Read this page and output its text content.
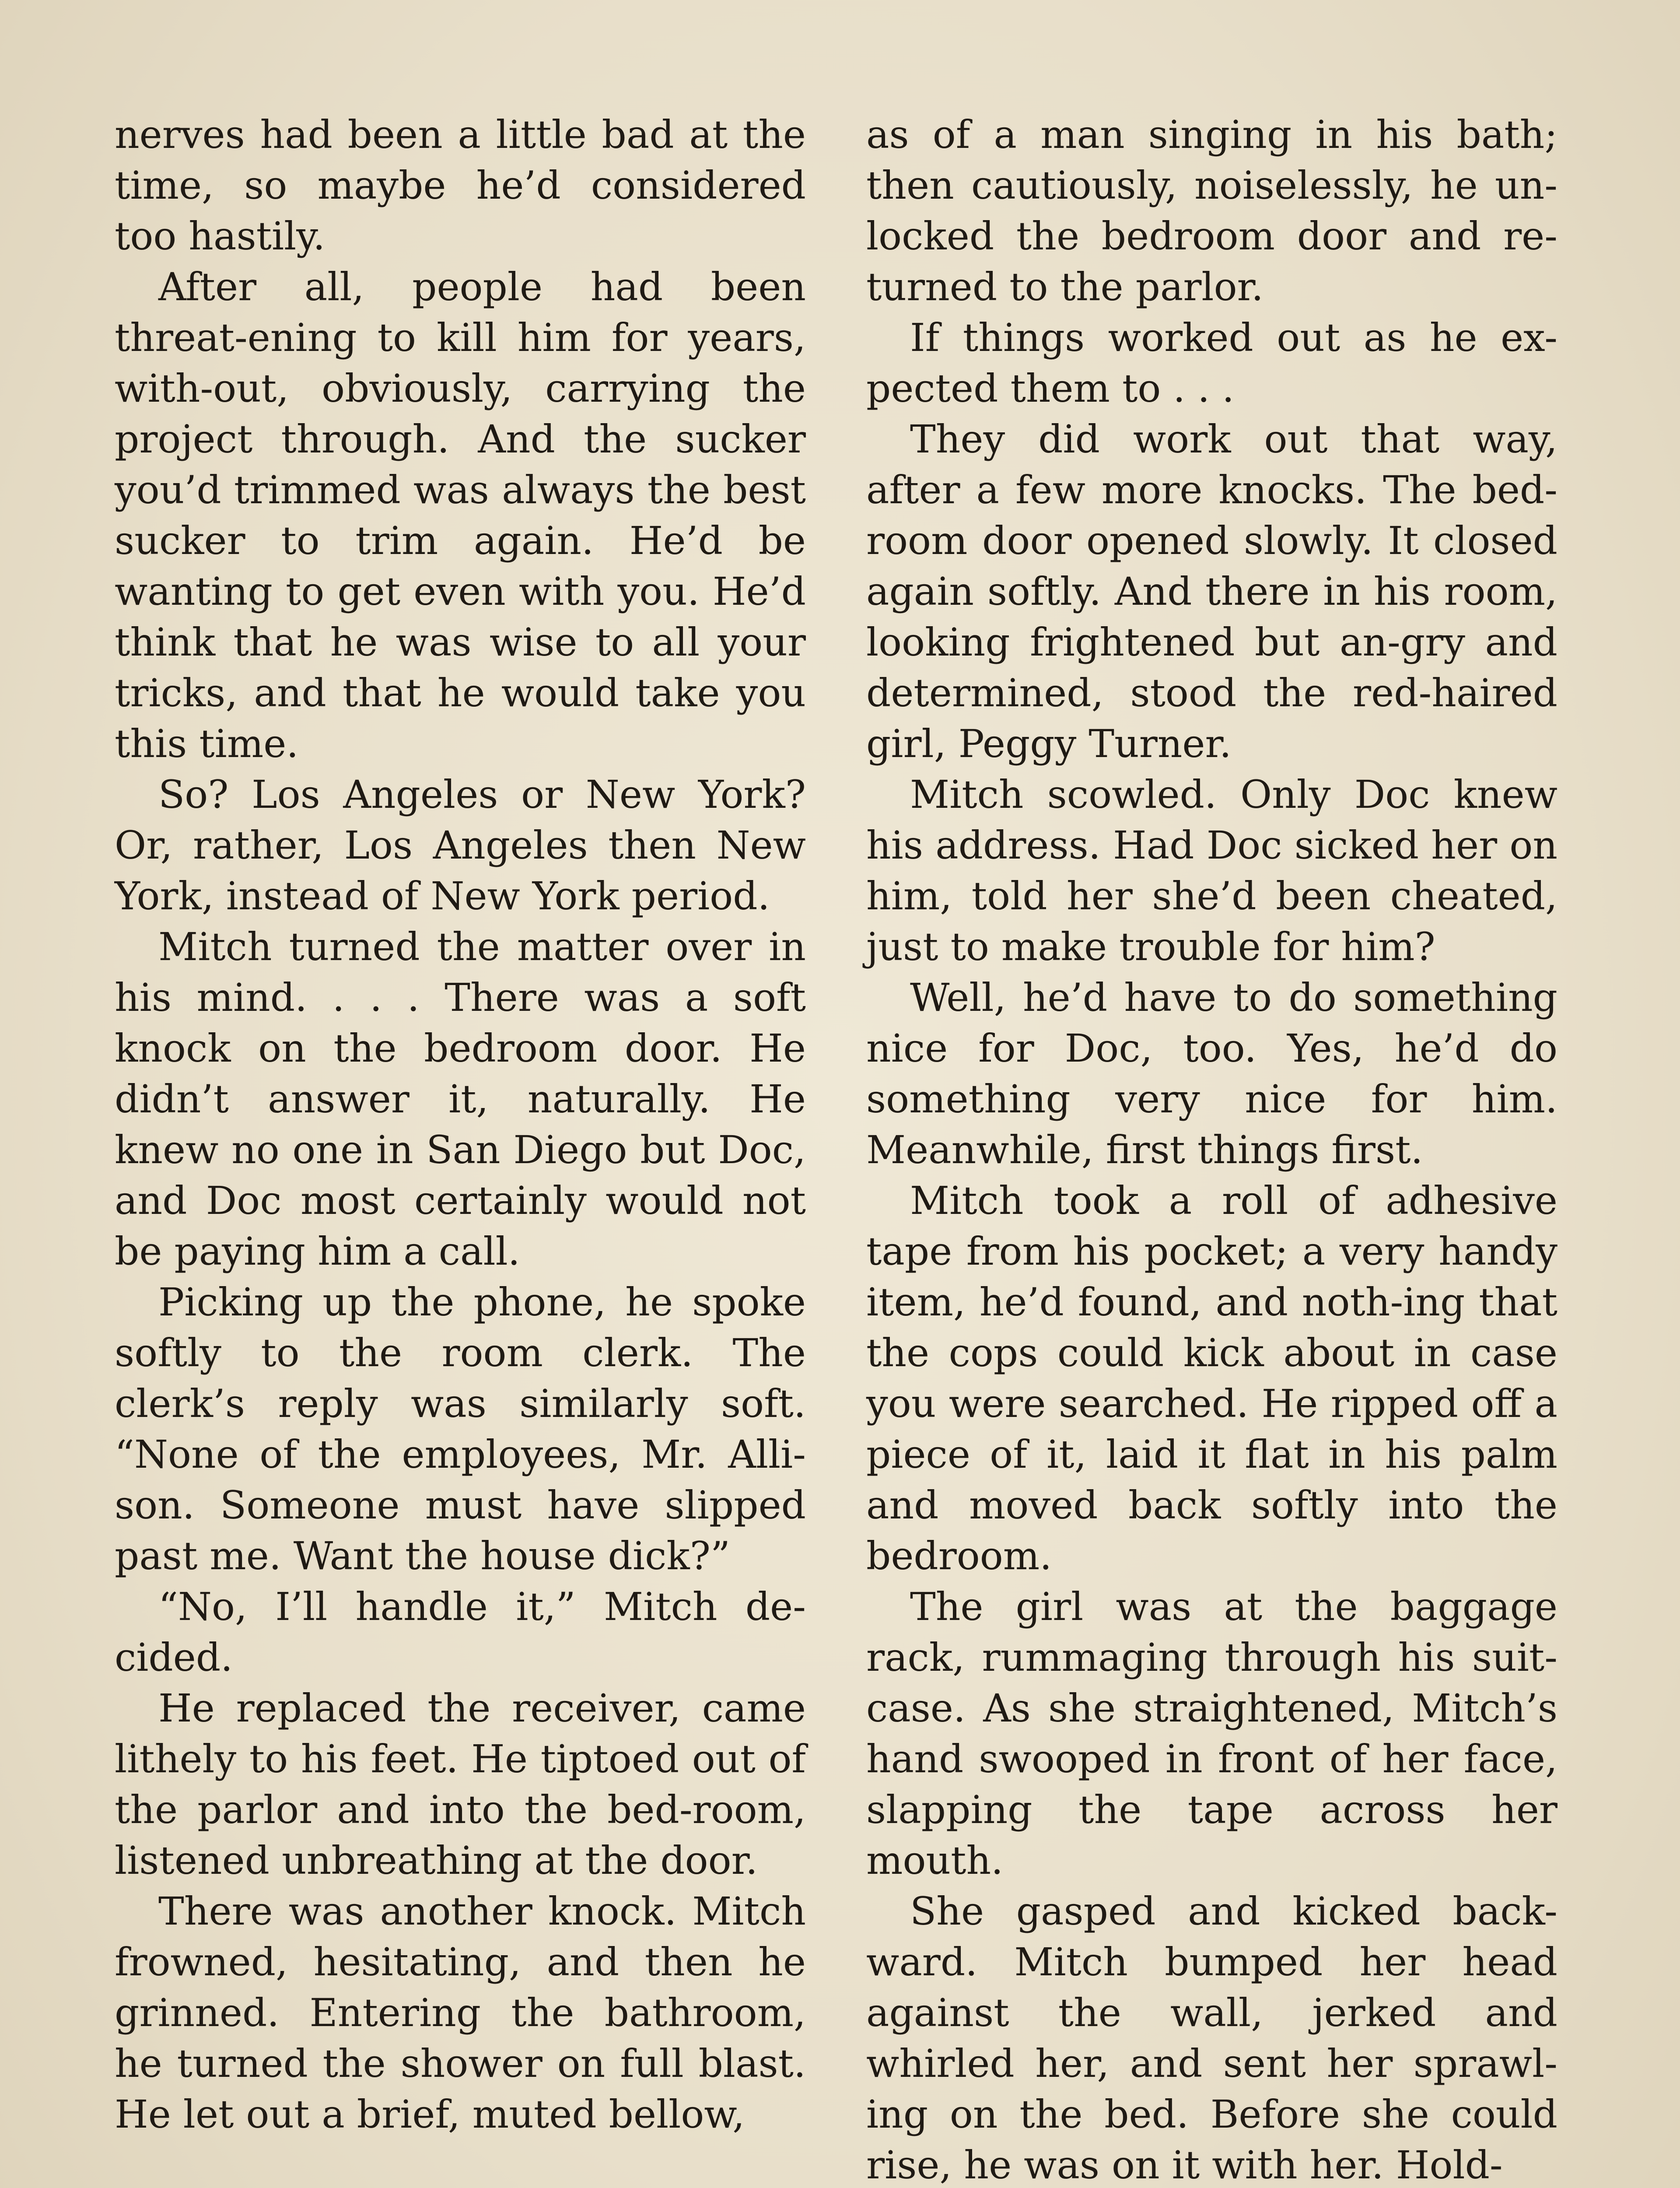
nerves had been a little bad at the time, so maybe he’d considered too hastily.

After all, people had been threat-ening to kill him for years, with-out, obviously, carrying the project through. And the sucker you’d trimmed was always the best sucker to trim again. He’d be wanting to get even with you. He’d think that he was wise to all your tricks, and that he would take you this time.

So? Los Angeles or New York? Or, rather, Los Angeles then New York, instead of New York period.

Mitch turned the matter over in his mind. . . . There was a soft knock on the bedroom door. He didn’t answer it, naturally. He knew no one in San Diego but Doc, and Doc most certainly would not be paying him a call.

Picking up the phone, he spoke softly to the room clerk. The clerk’s reply was similarly soft. “None of the employees, Mr. Alli-son. Someone must have slipped past me. Want the house dick?”

“No, I’ll handle it,” Mitch de-cided.

He replaced the receiver, came lithely to his feet. He tiptoed out of the parlor and into the bed-room, listened unbreathing at the door.

There was another knock. Mitch frowned, hesitating, and then he grinned. Entering the bathroom, he turned the shower on full blast. He let out a brief, muted bellow,

as of a man singing in his bath; then cautiously, noiselessly, he un-locked the bedroom door and re-turned to the parlor.

If things worked out as he ex-pected them to . . .

They did work out that way, after a few more knocks. The bed-room door opened slowly. It closed again softly. And there in his room, looking frightened but an-gry and determined, stood the red-haired girl, Peggy Turner.

Mitch scowled. Only Doc knew his address. Had Doc sicked her on him, told her she’d been cheated, just to make trouble for him?

Well, he’d have to do something nice for Doc, too. Yes, he’d do something very nice for him. Meanwhile, first things first.

Mitch took a roll of adhesive tape from his pocket; a very handy item, he’d found, and noth-ing that the cops could kick about in case you were searched. He ripped off a piece of it, laid it flat in his palm and moved back softly into the bedroom.

The girl was at the baggage rack, rummaging through his suit-case. As she straightened, Mitch’s hand swooped in front of her face, slapping the tape across her mouth.

She gasped and kicked back-ward. Mitch bumped her head against the wall, jerked and whirled her, and sent her sprawl-ing on the bed. Before she could rise, he was on it with her. Hold-
